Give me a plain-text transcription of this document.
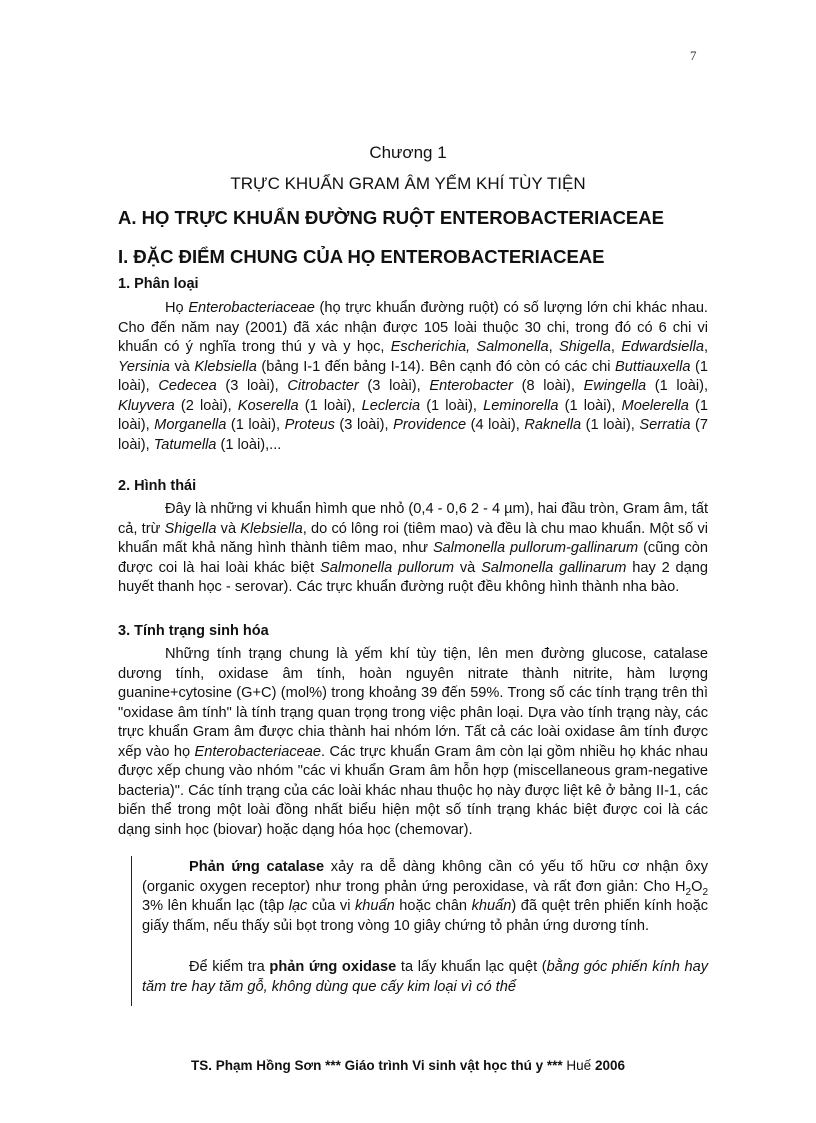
7
Chương 1
TRỰC KHUẨN GRAM ÂM YẾM KHÍ TÙY TIỆN
A. HỌ TRỰC KHUẨN ĐƯỜNG RUỘT ENTEROBACTERIACEAE
I. ĐẶC ĐIỂM CHUNG CỦA HỌ ENTEROBACTERIACEAE
1. Phân loại

Họ Enterobacteriaceae (họ trực khuẩn đường ruột) có số lượng lớn chi khác nhau. Cho đến năm nay (2001) đã xác nhận được 105 loài thuộc 30 chi, trong đó có 6 chi vi khuẩn có ý nghĩa trong thú y và y học, Escherichia, Salmonella, Shigella, Edwardsiella, Yersinia và Klebsiella (bảng I-1 đến bảng I-14). Bên cạnh đó còn có các chi Buttiauxella (1 loài), Cedecea (3 loài), Citrobacter (3 loài), Enterobacter (8 loài), Ewingella (1 loài), Kluyvera (2 loài), Koserella (1 loài), Leclercia (1 loài), Leminorella (1 loài), Moelerella (1 loài), Morganella (1 loài), Proteus (3 loài), Providence (4 loài), Raknella (1 loài), Serratia (7 loài), Tatumella (1 loài),...

2. Hình thái

Đây là những vi khuẩn hìmh que nhỏ (0,4 - 0,6 2 - 4 µm), hai đầu tròn, Gram âm, tất cả, trừ Shigella và Klebsiella, do có lông roi (tiêm mao) và đều là chu mao khuẩn. Một số vi khuẩn mất khả năng hình thành tiêm mao, như Salmonella pullorum-gallinarum (cũng còn được coi là hai loài khác biệt Salmonella pullorum và Salmonella gallinarum hay 2 dạng huyết thanh học - serovar). Các trực khuẩn đường ruột đều không hình thành nha bào.

3. Tính trạng sinh hóa

Những tính trạng chung là yếm khí tùy tiện, lên men đường glucose, catalase dương tính, oxidase âm tính, hoàn nguyên nitrate thành nitrite, hàm lượng guanine+cytosine (G+C) (mol%) trong khoảng 39 đến 59%. Trong số các tính trạng trên thì "oxidase âm tính" là tính trạng quan trọng trong việc phân loại. Dựa vào tính trạng này, các trực khuẩn Gram âm được chia thành hai nhóm lớn. Tất cả các loài oxidase âm tính được xếp vào họ Enterobacteriaceae. Các trực khuẩn Gram âm còn lại gồm nhiều họ khác nhau được xếp chung vào nhóm "các vi khuẩn Gram âm hỗn hợp (miscellaneous gram-negative bacteria)". Các tính trạng của các loài khác nhau thuộc họ này được liệt kê ở bảng II-1, các biến thể trong một loài đồng nhất biểu hiện một số tính trạng khác biệt được coi là các dạng sinh học (biovar) hoặc dạng hóa học (chemovar).

Phản ứng catalase xảy ra dễ dàng không cần có yếu tố hữu cơ nhận ôxy (organic oxygen receptor) như trong phản ứng peroxidase, và rất đơn giản: Cho $H_2O_2$ 3% lên khuẩn lạc (tập lạc của vi khuẩn hoặc chân khuẩn) đã quệt trên phiến kính hoặc giấy thấm, nếu thấy sủi bọt trong vòng 10 giây chứng tỏ phản ứng dương tính.

Để kiểm tra phản ứng oxidase ta lấy khuẩn lạc quệt (bằng góc phiến kính hay tăm tre hay tăm gỗ, không dùng que cấy kim loại vì có thể

TS. Phạm Hồng Sơn *** Giáo trình Vi sinh vật học thú y *** Huế 2006
